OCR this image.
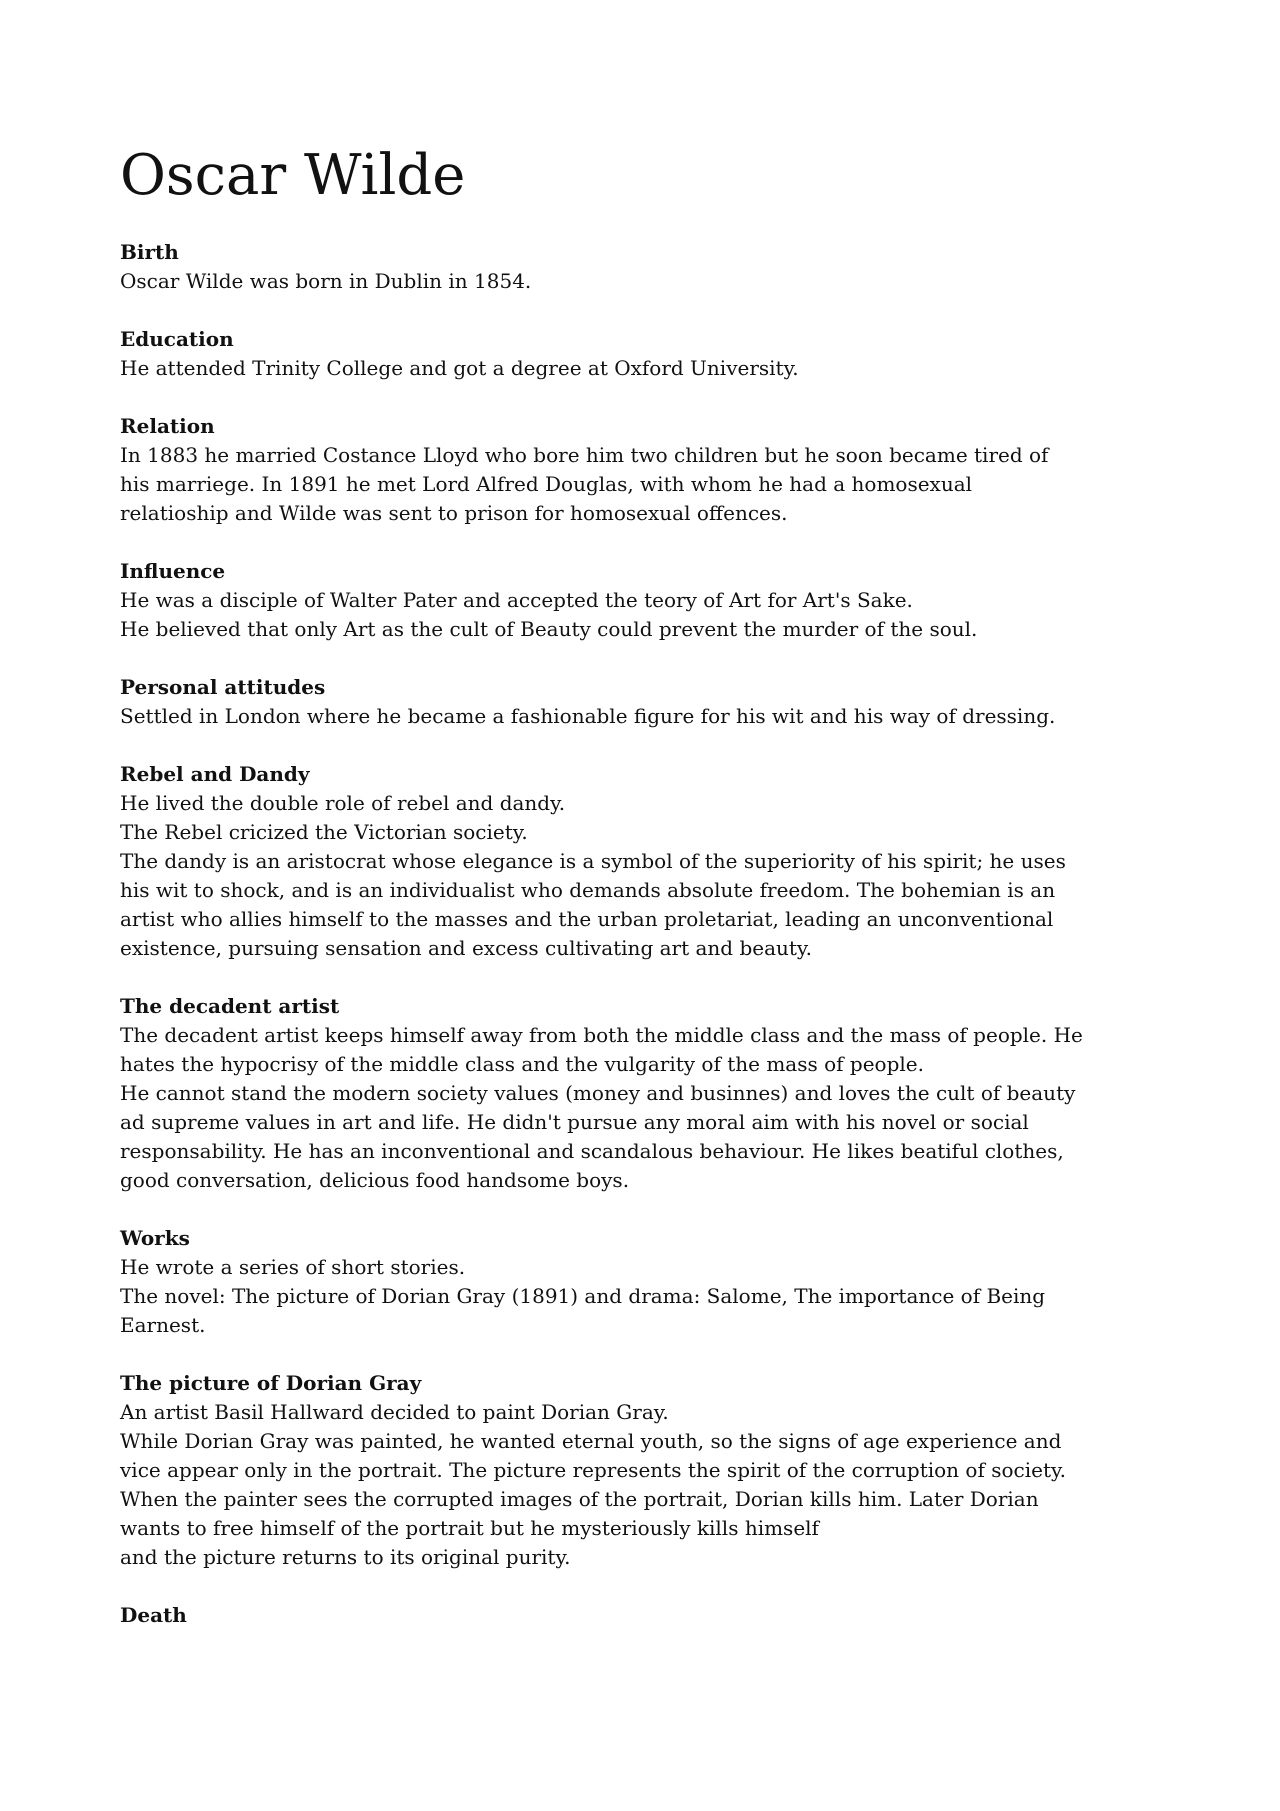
Oscar Wilde
Birth

Oscar Wilde was born in Dublin in 1854.

Education

He attended Trinity College and got a degree at Oxford University.

Relation

In 1883 he married Costance Lloyd who bore him two children but he soon became tired of

his marriege. In 1891 he met Lord Alfred Douglas, with whom he had a homosexual

relatioship and Wilde was sent to prison for homosexual offences.

Influence

He was a disciple of Walter Pater and accepted the teory of Art for Art's Sake.

He believed that only Art as the cult of Beauty could prevent the murder of the soul.

Personal attitudes

Settled in London where he became a fashionable figure for his wit and his way of dressing.

Rebel and Dandy

He lived the double role of rebel and dandy.

The Rebel cricized the Victorian society.

The dandy is an aristocrat whose elegance is a symbol of the superiority of his spirit; he uses

his wit to shock, and is an individualist who demands absolute freedom. The bohemian is an

artist who allies himself to the masses and the urban proletariat, leading an unconventional

existence, pursuing sensation and excess cultivating art and beauty.

The decadent artist

The decadent artist keeps himself away from both the middle class and the mass of people. He

hates the hypocrisy of the middle class and the vulgarity of the mass of people.

He cannot stand the modern society values (money and businnes) and loves the cult of beauty

ad supreme values in art and life. He didn't pursue any moral aim with his novel or social

responsability. He has an inconventional and scandalous behaviour. He likes beatiful clothes,

good conversation, delicious food handsome boys.

Works

He wrote a series of short stories.

The novel: The picture of Dorian Gray (1891) and drama: Salome, The importance of Being

Earnest.

The picture of Dorian Gray

An artist Basil Hallward decided to paint Dorian Gray.

While Dorian Gray was painted, he wanted eternal youth, so the signs of age experience and

vice appear only in the portrait. The picture represents the spirit of the corruption of society.

When the painter sees the corrupted images of the portrait, Dorian kills him. Later Dorian

wants to free himself of the portrait but he mysteriously kills himself

and the picture returns to its original purity.

Death
